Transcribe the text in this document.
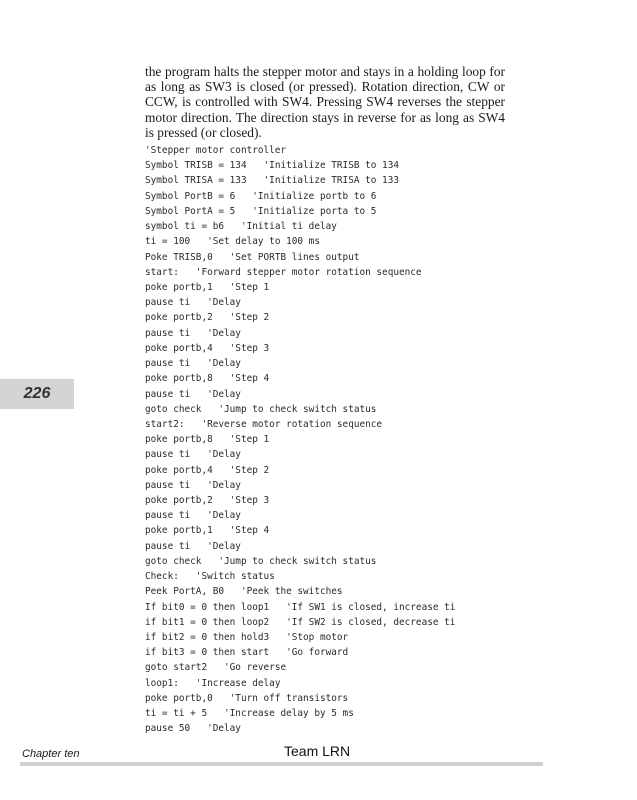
the program halts the stepper motor and stays in a holding loop for as long as SW3 is closed (or pressed). Rotation direction, CW or CCW, is controlled with SW4. Pressing SW4 reverses the stepper motor direction. The direction stays in reverse for as long as SW4 is pressed (or closed).

'Stepper motor controller
Symbol TRISB = 134   'Initialize TRISB to 134
Symbol TRISA = 133   'Initialize TRISA to 133
Symbol PortB = 6   'Initialize portb to 6
Symbol PortA = 5   'Initialize porta to 5
symbol ti = b6   'Initial ti delay
ti = 100   'Set delay to 100 ms
Poke TRISB,0   'Set PORTB lines output
start:   'Forward stepper motor rotation sequence
poke portb,1   'Step 1
pause ti   'Delay
poke portb,2   'Step 2
pause ti   'Delay
poke portb,4   'Step 3
pause ti   'Delay
poke portb,8   'Step 4
pause ti   'Delay
goto check   'Jump to check switch status
start2:   'Reverse motor rotation sequence
poke portb,8   'Step 1
pause ti   'Delay
poke portb,4   'Step 2
pause ti   'Delay
poke portb,2   'Step 3
pause ti   'Delay
poke portb,1   'Step 4
pause ti   'Delay
goto check   'Jump to check switch status
Check:   'Switch status
Peek PortA, B0   'Peek the switches
If bit0 = 0 then loop1   'If SW1 is closed, increase ti
if bit1 = 0 then loop2   'If SW2 is closed, decrease ti
if bit2 = 0 then hold3   'Stop motor
if bit3 = 0 then start   'Go forward
goto start2   'Go reverse
loop1:   'Increase delay
poke portb,0   'Turn off transistors
ti = ti + 5   'Increase delay by 5 ms
pause 50   'Delay
226
Chapter ten	Team LRN
